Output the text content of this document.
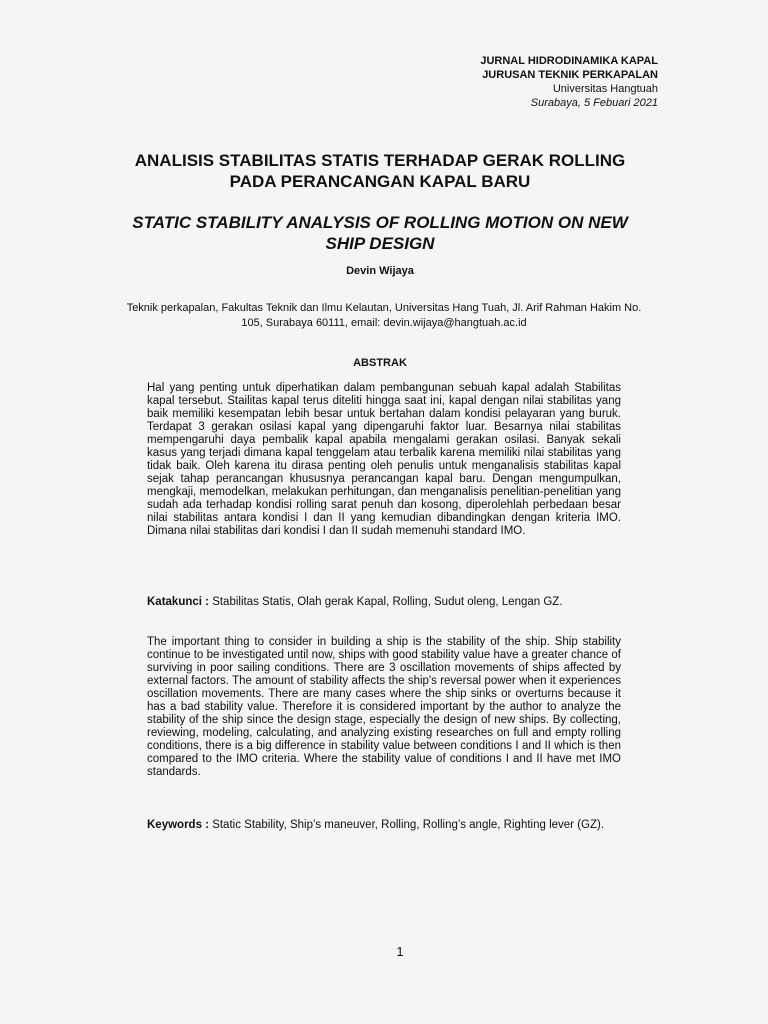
JURNAL HIDRODINAMIKA KAPAL
JURUSAN TEKNIK PERKAPALAN
Universitas Hangtuah
Surabaya, 5 Febuari 2021
ANALISIS STABILITAS STATIS TERHADAP GERAK ROLLING
PADA PERANCANGAN KAPAL BARU
STATIC STABILITY ANALYSIS OF ROLLING MOTION ON NEW
SHIP DESIGN
Devin Wijaya
Teknik perkapalan, Fakultas Teknik dan Ilmu Kelautan, Universitas Hang Tuah, Jl. Arif Rahman Hakim No.
105, Surabaya 60111, email: devin.wijaya@hangtuah.ac.id
ABSTRAK

Hal yang penting untuk diperhatikan dalam pembangunan sebuah kapal adalah Stabilitas kapal tersebut. Stailitas kapal terus diteliti hingga saat ini, kapal dengan nilai stabilitas yang baik memiliki kesempatan lebih besar untuk bertahan dalam kondisi pelayaran yang buruk. Terdapat 3 gerakan osilasi kapal yang dipengaruhi faktor luar. Besarnya nilai stabilitas mempengaruhi daya pembalik kapal apabila mengalami gerakan osilasi. Banyak sekali kasus yang terjadi dimana kapal tenggelam atau terbalik karena memiliki nilai stabilitas yang tidak baik. Oleh karena itu dirasa penting oleh penulis untuk menganalisis stabilitas kapal sejak tahap perancangan khususnya perancangan kapal baru. Dengan mengumpulkan, mengkaji, memodelkan, melakukan perhitungan, dan menganalisis penelitian-penelitian yang sudah ada terhadap kondisi rolling sarat penuh dan kosong, diperolehlah perbedaan besar nilai stabilitas antara kondisi I dan II yang kemudian dibandingkan dengan kriteria IMO. Dimana nilai stabilitas dari kondisi I dan II sudah memenuhi standard IMO.

Katakunci : Stabilitas Statis, Olah gerak Kapal, Rolling, Sudut oleng, Lengan GZ.

The important thing to consider in building a ship is the stability of the ship. Ship stability continue to be investigated until now, ships with good stability value have a greater chance of surviving in poor sailing conditions. There are 3 oscillation movements of ships affected by external factors. The amount of stability affects the ship's reversal power when it experiences oscillation movements. There are many cases where the ship sinks or overturns because it has a bad stability value. Therefore it is considered important by the author to analyze the stability of the ship since the design stage, especially the design of new ships. By collecting, reviewing, modeling, calculating, and analyzing existing researches on full and empty rolling conditions, there is a big difference in stability value between conditions I and II which is then compared to the IMO criteria. Where the stability value of conditions I and II have met IMO standards.

Keywords : Static Stability, Ship’s maneuver, Rolling, Rolling’s angle, Righting lever (GZ).

1
